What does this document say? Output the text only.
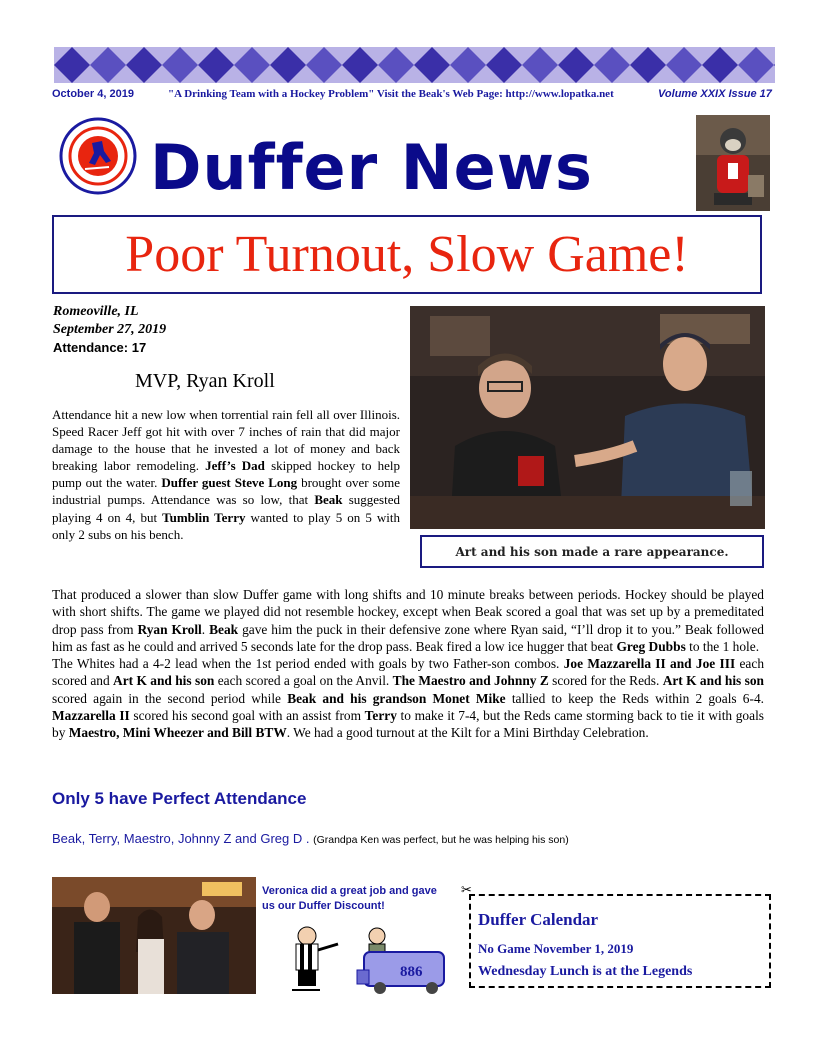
October 4, 2019	"A Drinking Team with a Hockey Problem" Visit the Beak's Web Page: http://www.lopatka.net	Volume XXIX Issue 17
Duffer News
Poor Turnout, Slow Game!
Romeoville, IL
September 27, 2019
Attendance: 17
MVP, Ryan Kroll
Attendance hit a new low when torrential rain fell all over Illinois. Speed Racer Jeff got hit with over 7 inches of rain that did major damage to the house that he invested a lot of money and back breaking labor remodeling. Jeff’s Dad skipped hockey to help pump out the water. Duffer guest Steve Long brought over some industrial pumps. Attendance was so low, that Beak suggested playing 4 on 4, but Tumblin Terry wanted to play 5 on 5 with only 2 subs on his bench.
Art and his son made a rare appearance.
That produced a slower than slow Duffer game with long shifts and 10 minute breaks between periods. Hockey should be played with short shifts. The game we played did not resemble hockey, except when Beak scored a goal that was set up by a premeditated drop pass from Ryan Kroll. Beak gave him the puck in their defensive zone where Ryan said, “I’ll drop it to you.” Beak followed him as fast as he could and arrived 5 seconds late for the drop pass. Beak fired a low ice hugger that beat Greg Dubbs to the 1 hole.
The Whites had a 4-2 lead when the 1st period ended with goals by two Father-son combos. Joe Mazzarella II and Joe III each scored and Art K and his son each scored a goal on the Anvil. The Maestro and Johnny Z scored for the Reds. Art K and his son scored again in the second period while Beak and his grandson Monet Mike tallied to keep the Reds within 2 goals 6-4. Mazzarella II scored his second goal with an assist from Terry to make it 7-4, but the Reds came storming back to tie it with goals by Maestro, Mini Wheezer and Bill BTW. We had a good turnout at the Kilt for a Mini Birthday Celebration.
Only 5 have Perfect Attendance
Beak, Terry, Maestro, Johnny Z and Greg D . (Grandpa Ken was perfect, but he was helping his son)
Veronica did a great job and gave us our Duffer Discount!
886
✂
Duffer Calendar
No Game November 1, 2019
Wednesday Lunch is at the Legends
